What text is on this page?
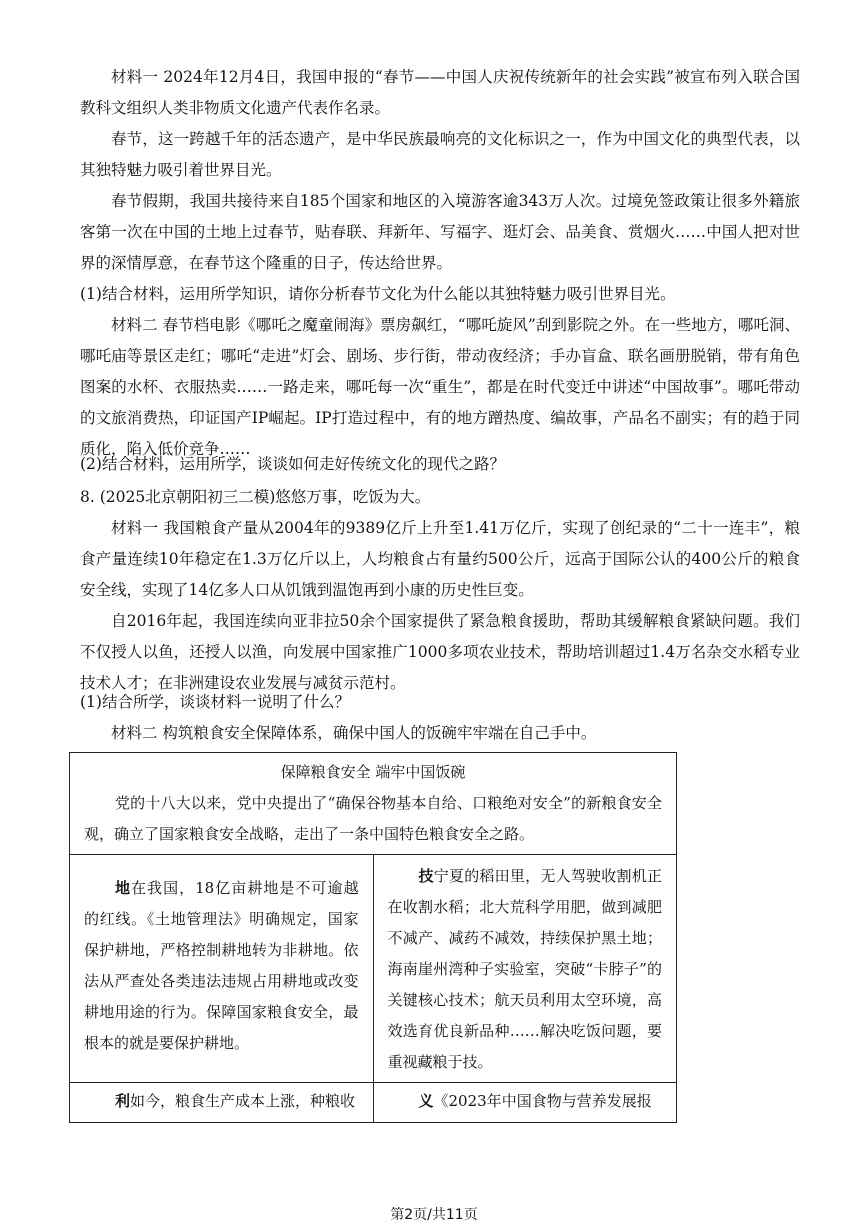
材料一 2024年12月4日，我国申报的“春节——中国人庆祝传统新年的社会实践”被宣布列入联合国教科文组织人类非物质文化遗产代表作名录。
春节，这一跨越千年的活态遗产，是中华民族最响亮的文化标识之一，作为中国文化的典型代表，以其独特魅力吸引着世界目光。
春节假期，我国共接待来自185个国家和地区的入境游客逾343万人次。过境免签政策让很多外籍旅客第一次在中国的土地上过春节，贴春联、拜新年、写福字、逛灯会、品美食、赏烟火……中国人把对世界的深情厚意，在春节这个隆重的日子，传达给世界。
(1)结合材料，运用所学知识，请你分析春节文化为什么能以其独特魅力吸引世界目光。
材料二 春节档电影《哪吒之魔童闹海》票房飙红，“哪吒旋风”刮到影院之外。在一些地方，哪吒洞、哪吒庙等景区走红；哪吒“走进”灯会、剧场、步行街，带动夜经济；手办盲盒、联名画册脱销，带有角色图案的水杯、衣服热卖……一路走来，哪吒每一次“重生”，都是在时代变迁中讲述“中国故事”。哪吒带动的文旅消费热，印证国产IP崛起。IP打造过程中，有的地方蹭热度、编故事，产品名不副实；有的趋于同质化，陷入低价竞争……
(2)结合材料，运用所学，谈谈如何走好传统文化的现代之路？
8. (2025北京朝阳初三二模)悠悠万事，吃饭为大。
材料一 我国粮食产量从2004年的9389亿斤上升至1.41万亿斤，实现了创纪录的“二十一连丰”，粮食产量连续10年稳定在1.3万亿斤以上，人均粮食占有量约500公斤，远高于国际公认的400公斤的粮食安全线，实现了14亿多人口从饥饿到温饱再到小康的历史性巨变。
自2016年起，我国连续向亚非拉50余个国家提供了紧急粮食援助，帮助其缓解粮食紧缺问题。我们不仅授人以鱼，还授人以渔，向发展中国家推广1000多项农业技术，帮助培训超过1.4万名杂交水稻专业技术人才；在非洲建设农业发展与减贫示范村。
(1)结合所学，谈谈材料一说明了什么？
材料二 构筑粮食安全保障体系，确保中国人的饭碗牢牢端在自己手中。
保障粮食安全 端牢中国饭碗
党的十八大以来，党中央提出了“确保谷物基本自给、口粮绝对安全”的新粮食安全观，确立了国家粮食安全战略，走出了一条中国特色粮食安全之路。	

地在我国，18亿亩耕地是不可逾越的红线。《土地管理法》明确规定，国家保护耕地，严格控制耕地转为非耕地。依法从严查处各类违法违规占用耕地或改变耕地用途的行为。保障国家粮食安全，最根本的就是要保护耕地。	技宁夏的稻田里，无人驾驶收割机正在收割水稻；北大荒科学用肥，做到减肥不减产、减药不减效，持续保护黑土地；海南崖州湾种子实验室，突破“卡脖子”的关键核心技术；航天员利用太空环境，高效选育优良新品种……解决吃饭问题，要重视藏粮于技。

利如今，粮食生产成本上涨，种粮收	义《2023年中国食物与营养发展报
第2页/共11页
